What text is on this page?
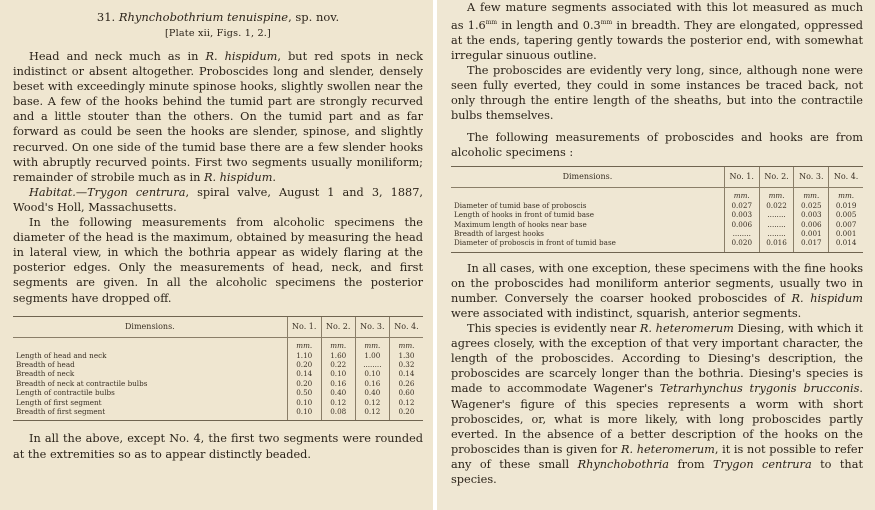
31. Rhynchobothrium tenuispine, sp. nov.

[Plate xii, Figs. 1, 2.]

Head and neck much as in R. hispidum, but red spots in neck indistinct or absent altogether. Proboscides long and slender, densely beset with exceedingly minute spinose hooks, slightly swollen near the base. A few of the hooks behind the tumid part are strongly recurved and a little stouter than the others. On the tumid part and as far forward as could be seen the hooks are slender, spinose, and slightly recurved. On one side of the tumid base there are a few slender hooks with abruptly recurved points. First two segments usually moniliform; remainder of strobile much as in R. hispidum.

Habitat.—Trygon centrura, spiral valve, August 1 and 3, 1887, Wood's Holl, Massachusetts.

In the following measurements from alcoholic specimens the diameter of the head is the maximum, obtained by measuring the head in lateral view, in which the bothria appear as widely flaring at the posterior edges. Only the measurements of head, neck, and first segments are given. In all the alcoholic specimens the posterior segments have dropped off.

Dimensions.	No. 1.	No. 2.	No. 3.	No. 4.
	mm.	mm.	mm.	mm.
Length of head and neck	1.10	1.60	1.00	1.30
Breadth of head	0.20	0.22	........	0.32
Breadth of neck	0.14	0.10	0.10	0.14
Breadth of neck at contractile bulbs	0.20	0.16	0.16	0.26
Length of contractile bulbs	0.50	0.40	0.40	0.60
Length of first segment	0.10	0.12	0.12	0.12
Breadth of first segment	0.10	0.08	0.12	0.20

In all the above, except No. 4, the first two segments were rounded at the extremities so as to appear distinctly beaded.

A few mature segments associated with this lot measured as much as $1.6^{mm}$ in length and $0.3^{mm}$ in breadth. They are elongated, oppressed at the ends, tapering gently towards the posterior end, with somewhat irregular sinuous outline.

The proboscides are evidently very long, since, although none were seen fully everted, they could in some instances be traced back, not only through the entire length of the sheaths, but into the contractile bulbs themselves.

The following measurements of proboscides and hooks are from alcoholic specimens :

Dimensions.	No. 1.	No. 2.	No. 3.	No. 4.
	mm.	mm.	mm.	mm.
Diameter of tumid base of proboscis	0.027	0.022	0.025	0.019
Length of hooks in front of tumid base	0.003	........	0.003	0.005
Maximum length of hooks near base	0.006	........	0.006	0.007
Breadth of largest hooks	........	........	0.001	0.001
Diameter of proboscis in front of tumid base	0.020	0.016	0.017	0.014

In all cases, with one exception, these specimens with the fine hooks on the proboscides had moniliform anterior segments, usually two in number. Conversely the coarser hooked proboscides of R. hispidum were associated with indistinct, squarish, anterior segments.

This species is evidently near R. heteromerum Diesing, with which it agrees closely, with the exception of that very important character, the length of the proboscides. According to Diesing's description, the proboscides are scarcely longer than the bothria. Diesing's species is made to accommodate Wagener's Tetrarhynchus trygonis brucconis. Wagener's figure of this species represents a worm with short proboscides, or, what is more likely, with long proboscides partly everted. In the absence of a better description of the hooks on the proboscides than is given for R. heteromerum, it is not possible to refer any of these small Rhynchobothria from Trygon centrura to that species.
